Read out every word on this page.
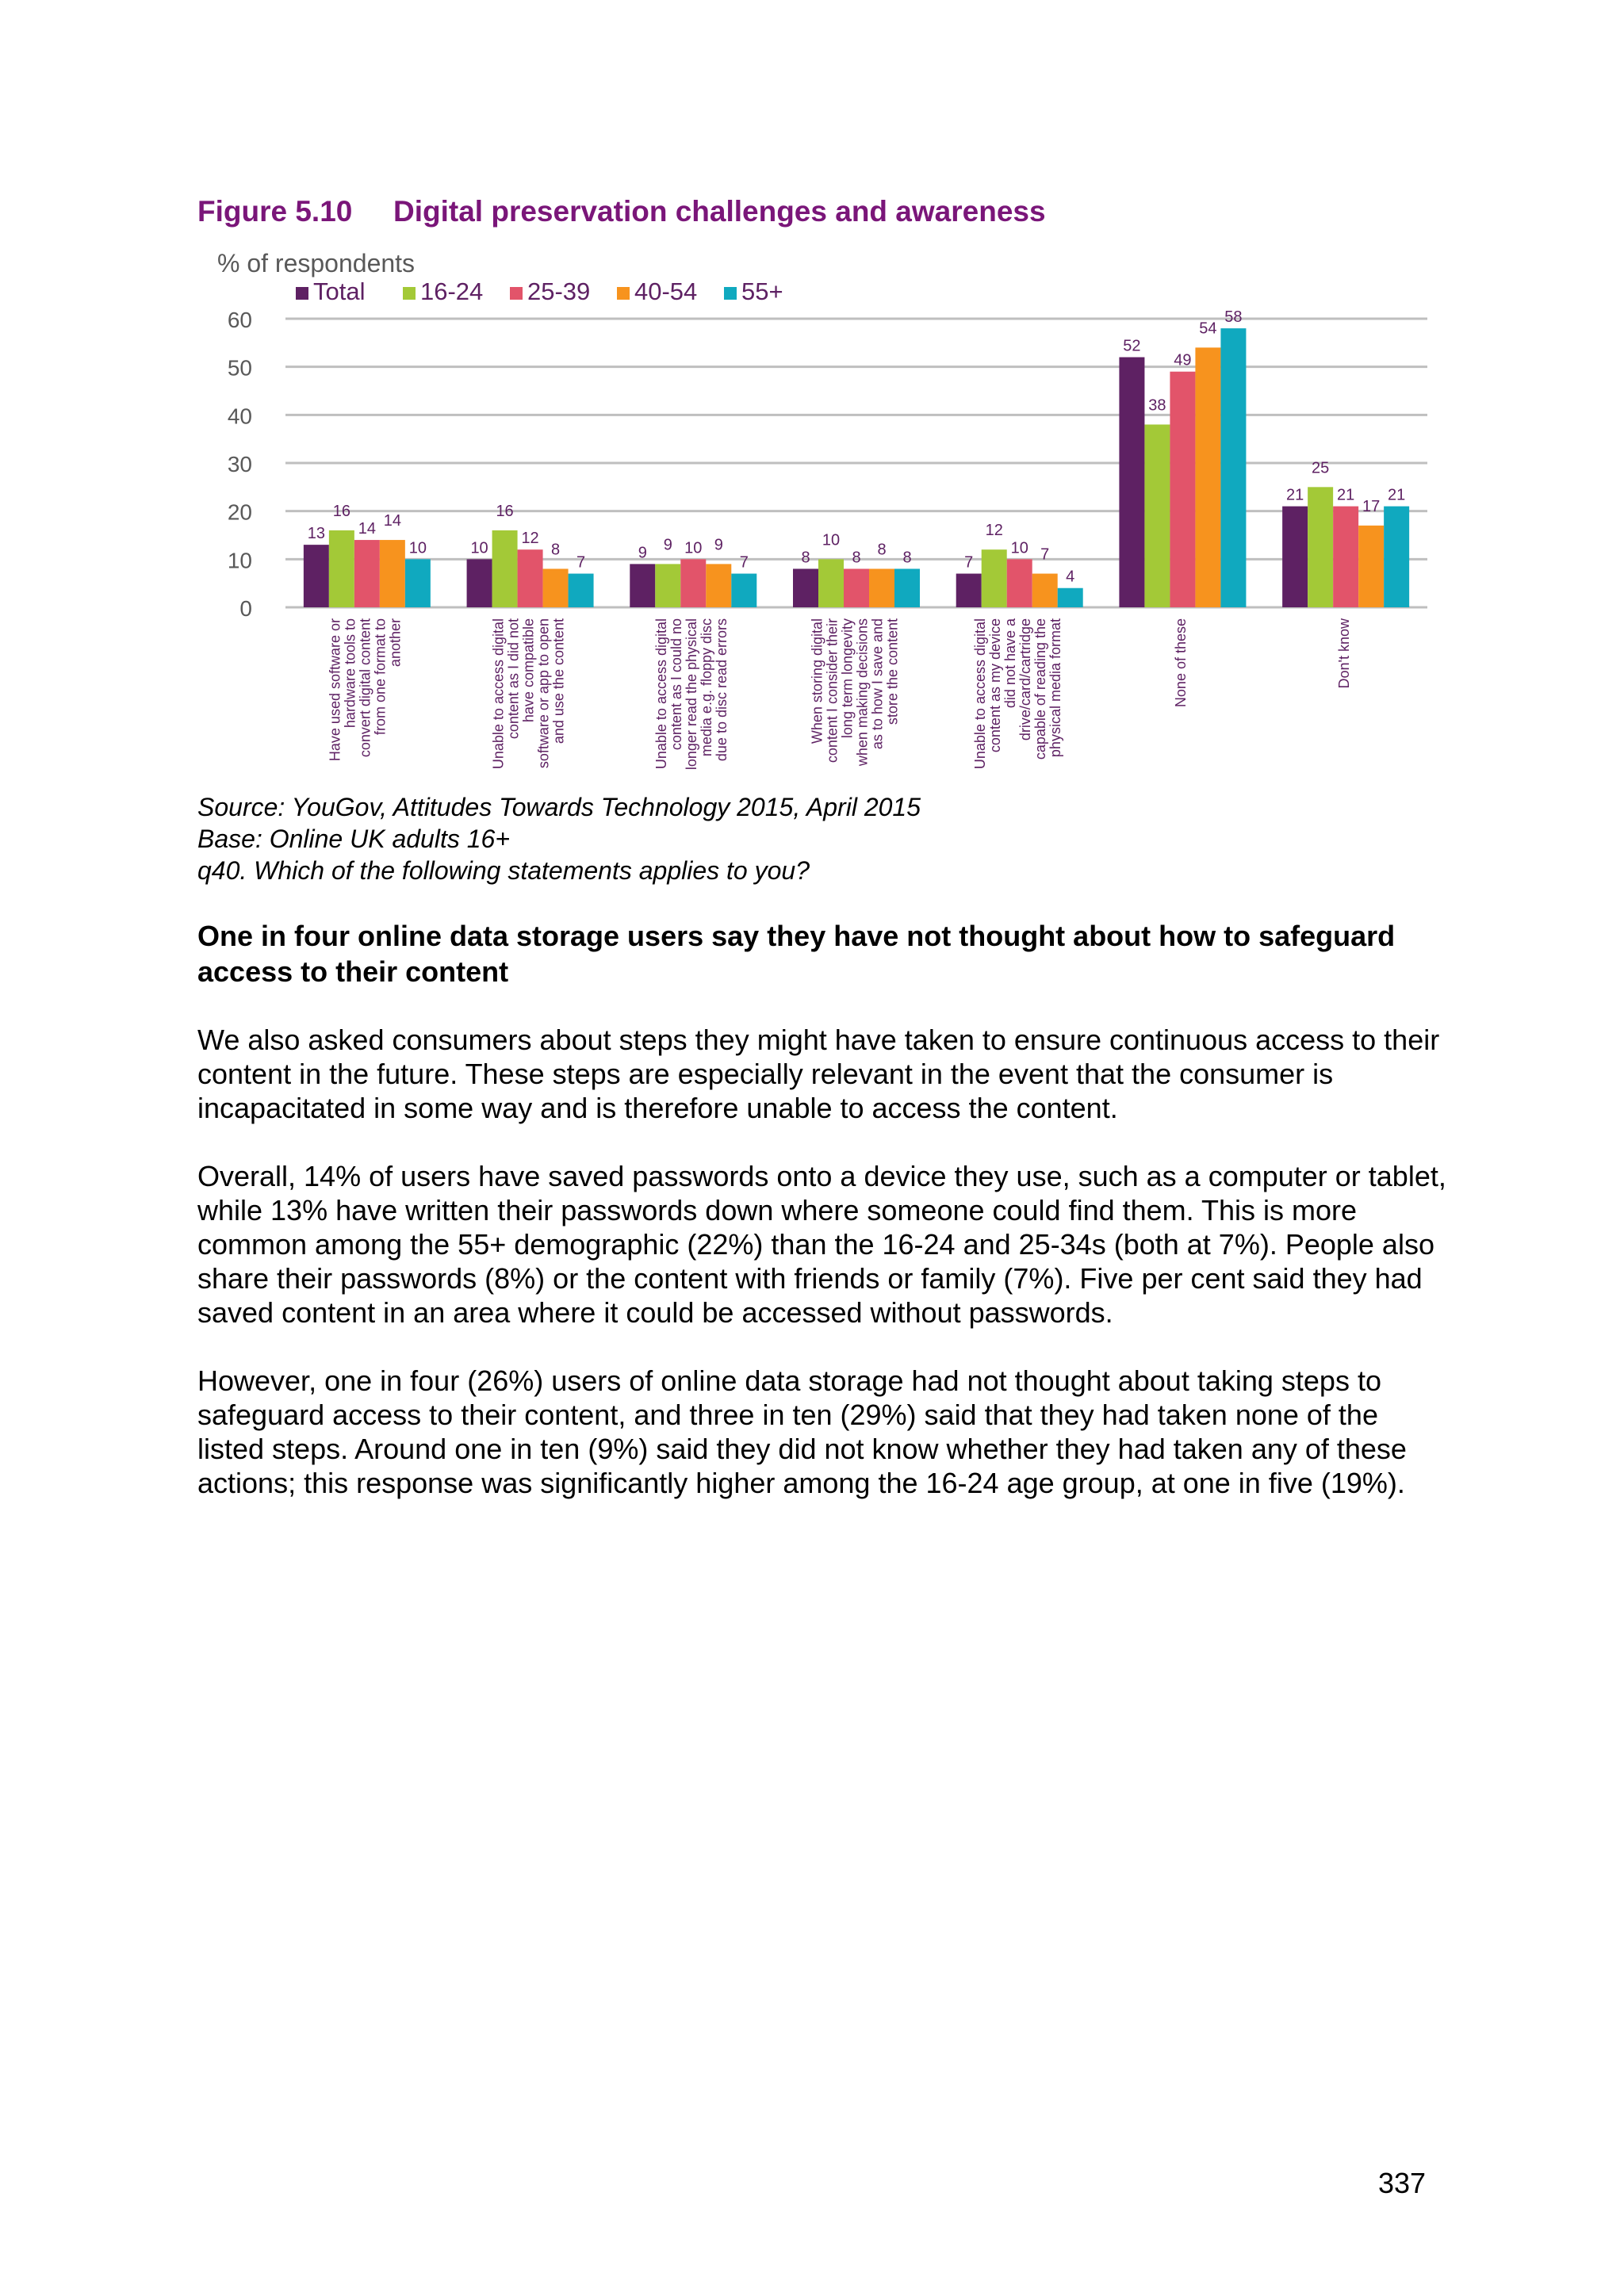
Figure 5.10 Digital preservation challenges and awareness
0
10
20
30
40
50
60
13
16
14 14
10	10
16
12
8
7
9 9 10 9
7	8
10
8 8 8	7
12
10 7
4
52
38
49
54
58
21
25
21
17
21
Have used software or hardware tools to convert digital content from one format to
another	Unable to access digital content as I did not have compatible software or app to open and use the content	Unable to access digital content as I could no longer read the physical media e.g. floppy disc due to disc read errors	When storing digital content I consider their long term longevity when making decisions as to how I save and store the content	Unable to access digital content as my device did not have a drive/card/cartridge capable of reading the physical media format	None of these	Don't know
Total 16-24 25-39 40-54 55+
% of respondents
Source: YouGov, Attitudes Towards Technology 2015, April 2015
Base: Online UK adults 16+
q40. Which of the following statements applies to you?
One in four online data storage users say they have not thought about how to safeguard access to their content

We also asked consumers about steps they might have taken to ensure continuous access to their content in the future. These steps are especially relevant in the event that the consumer is incapacitated in some way and is therefore unable to access the content.

Overall, 14% of users have saved passwords onto a device they use, such as a computer or tablet, while 13% have written their passwords down where someone could find them. This is more common among the 55+ demographic (22%) than the 16-24 and 25-34s (both at 7%). People also share their passwords (8%) or the content with friends or family (7%). Five per cent said they had saved content in an area where it could be accessed without passwords.

However, one in four (26%) users of online data storage had not thought about taking steps to safeguard access to their content, and three in ten (29%) said that they had taken none of the listed steps. Around one in ten (9%) said they did not know whether they had taken any of these actions; this response was significantly higher among the 16-24 age group, at one in five (19%).

337
